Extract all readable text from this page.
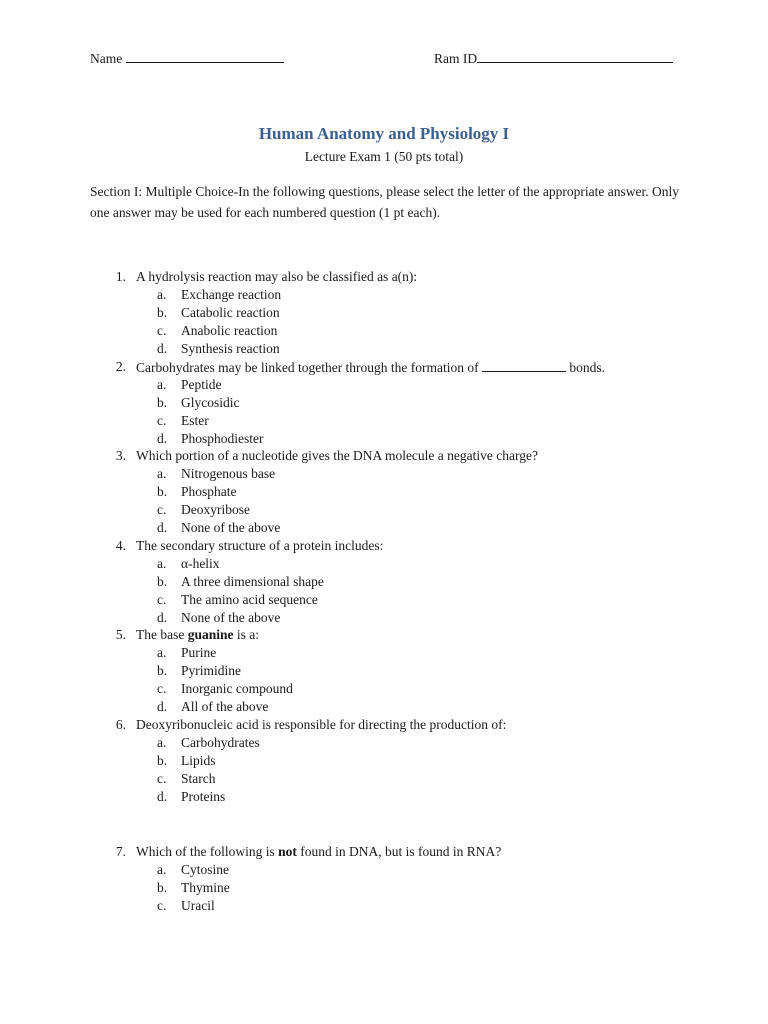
Name	Ram ID
Human Anatomy and Physiology I
Lecture Exam 1 (50 pts total)
Section I: Multiple Choice-In the following questions, please select the letter of the appropriate answer. Only one answer may be used for each numbered question (1 pt each).
1. A hydrolysis reaction may also be classified as a(n):
a. Exchange reaction
b. Catabolic reaction
c. Anabolic reaction
d. Synthesis reaction
2. Carbohydrates may be linked together through the formation of	bonds.
a. Peptide
b. Glycosidic
c. Ester
d. Phosphodiester
3. Which portion of a nucleotide gives the DNA molecule a negative charge?
a. Nitrogenous base
b. Phosphate
c. Deoxyribose
d. None of the above
4. The secondary structure of a protein includes:
a. α-helix
b. A three dimensional shape
c. The amino acid sequence
d. None of the above
5. The base guanine is a:
a. Purine
b. Pyrimidine
c. Inorganic compound
d. All of the above
6. Deoxyribonucleic acid is responsible for directing the production of:
a. Carbohydrates
b. Lipids
c. Starch
d. Proteins
7. Which of the following is not found in DNA, but is found in RNA?
a. Cytosine
b. Thymine
c. Uracil
